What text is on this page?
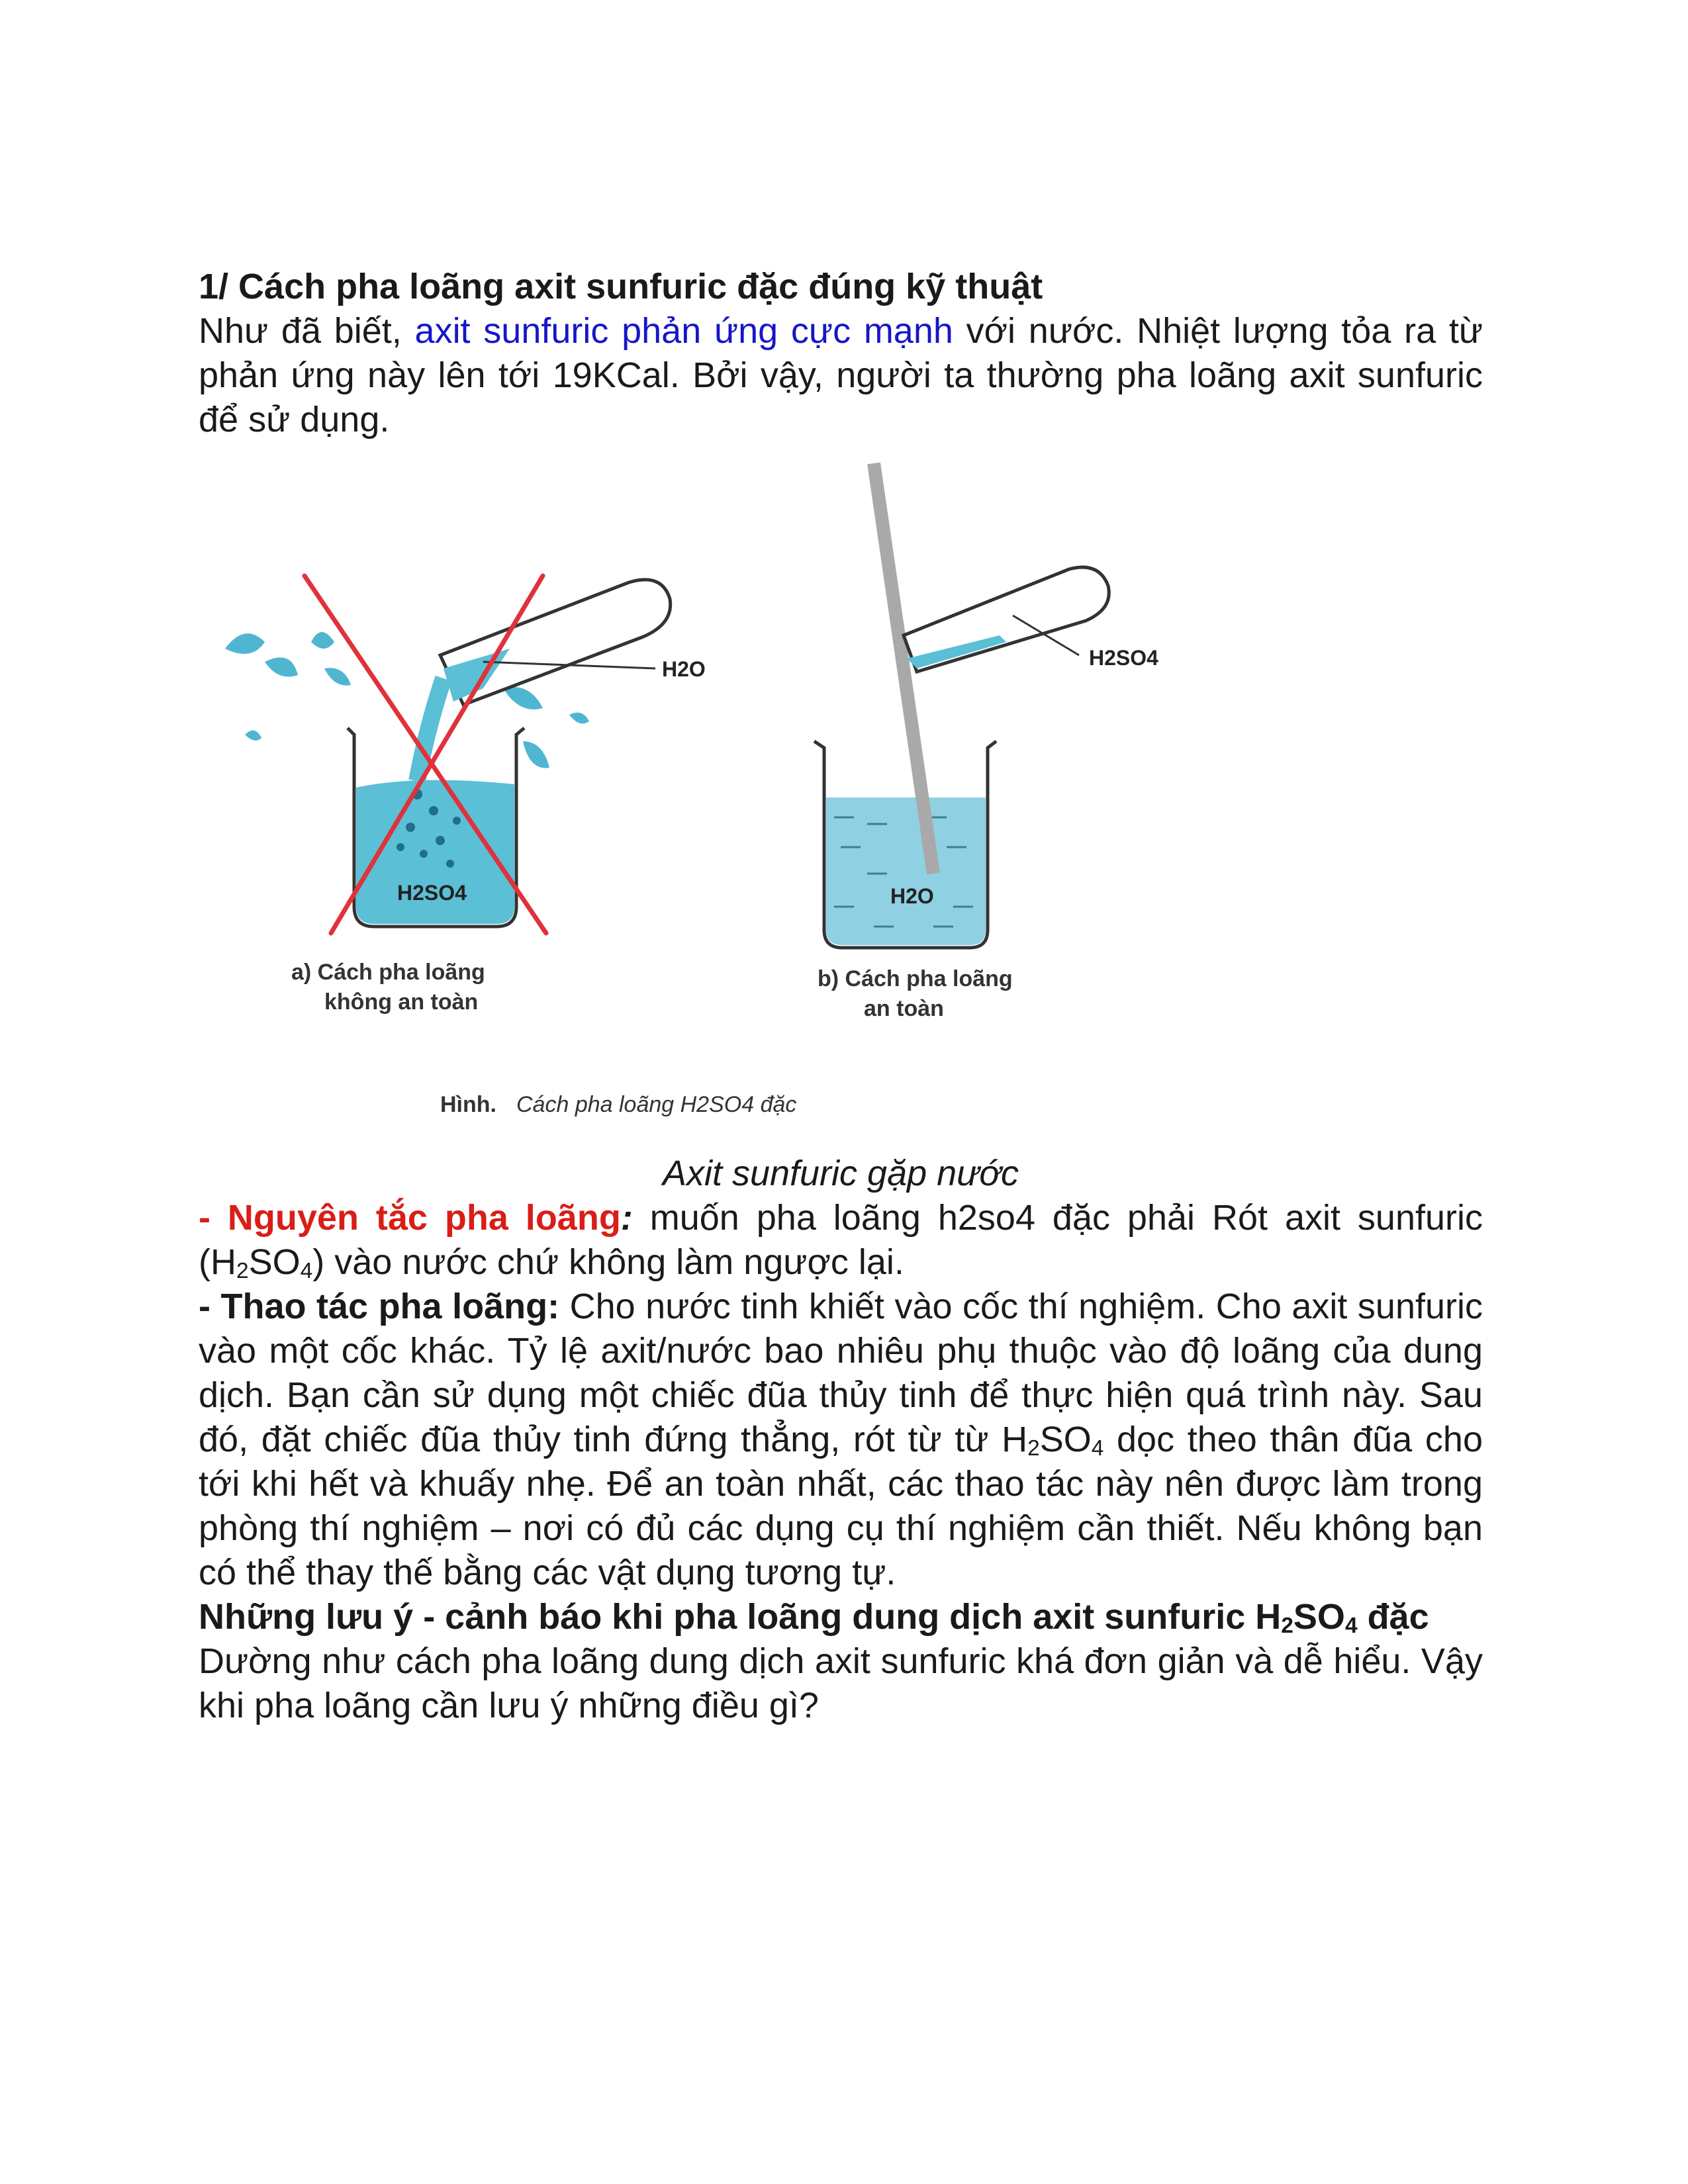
1/ Cách pha loãng axit sunfuric đặc đúng kỹ thuật

Như đã biết, axit sunfuric phản ứng cực mạnh với nước. Nhiệt lượng tỏa ra từ phản ứng này lên tới 19KCal. Bởi vậy, người ta thường pha loãng axit sunfuric để sử dụng.

H2SO4
H2O
a) Cách pha loãng
không an toàn
H2SO4
H2O
b) Cách pha loãng
an toàn
Hình. Cách pha loãng H2SO4 đặc

Axit sunfuric gặp nước

- Nguyên tắc pha loãng: muốn pha loãng h2so4 đặc phải Rót axit sunfuric $(H_2SO_4)$ vào nước chứ không làm ngược lại.

- Thao tác pha loãng: Cho nước tinh khiết vào cốc thí nghiệm. Cho axit sunfuric vào một cốc khác. Tỷ lệ axit/nước bao nhiêu phụ thuộc vào độ loãng của dung dịch. Bạn cần sử dụng một chiếc đũa thủy tinh để thực hiện quá trình này. Sau đó, đặt chiếc đũa thủy tinh đứng thẳng, rót từ từ $H_2SO_4$ dọc theo thân đũa cho tới khi hết và khuấy nhẹ. Để an toàn nhất, các thao tác này nên được làm trong phòng thí nghiệm – nơi có đủ các dụng cụ thí nghiệm cần thiết. Nếu không bạn có thể thay thế bằng các vật dụng tương tự.

Những lưu ý - cảnh báo khi pha loãng dung dịch axit sunfuric $H_2SO_4$ đặc

Dường như cách pha loãng dung dịch axit sunfuric khá đơn giản và dễ hiểu. Vậy khi pha loãng cần lưu ý những điều gì?
